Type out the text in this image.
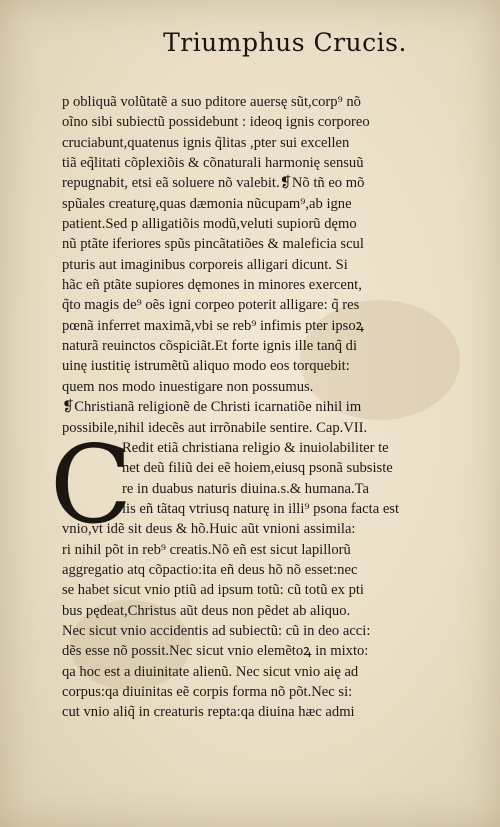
Triumphus Crucis.
p obliquã volũtatẽ a suo pditore auersę sũt,corp⁹ nõ
oĩno sibi subiectũ possidebunt : ideoq ignis corporeo
cruciabunt,quatenus ignis q̃litas ,pter sui excellen
tiã eq̃litati cõplexiõis & cõnaturali harmonię sensuũ
repugnabit, etsi eã soluere nõ valebit.❡Nõ tñ eo mõ
spũales creaturę,quas dæmonia nũcupam⁹,ab igne
patient.Sed p alligatiõis modũ,veluti supiorũ dęmo
nũ ptãte iferiores spũs pincãtatiões & maleficia scul
pturis aut imaginibus corporeis alligari dicunt. Si
hãc eñ ptãte supiores dęmones in minores exercent,
q̃to magis de⁹ oẽs igni corpeo poterit alligare: q̃ res
pœnã inferret maximã,vbi se reb⁹ infimis pter ipsoꝝ
naturã reuinctos cõspiciãt.Et forte ignis ille tanq̃ di
uinę iustitię istrumẽtũ aliquo modo eos torquebit:
quem nos modo inuestigare non possumus.
❡Christianã religionẽ de Christi icarnatiõe nihil im
possibile,nihil idecẽs aut irrõnabile sentire. Cap.VII.
C
Redit etiã christiana religio & inuiolabiliter te
net deũ filiũ dei eẽ hoiem,eiusq psonã subsiste
re in duabus naturis diuina.s.& humana.Ta
lis eñ tãtaq vtriusq naturę in illi⁹ psona facta est
vnio,vt idẽ sit deus & hõ.Huic aũt vnioni assimila:
ri nihil põt in reb⁹ creatis.Nõ eñ est sicut lapillorũ
aggregatio atq cõpactio:ita eñ deus hõ nõ esset:nec
se habet sicut vnio ptiũ ad ipsum totũ: cũ totũ ex pti
bus pędeat,Christus aũt deus non pẽdet ab aliquo.
Nec sicut vnio accidentis ad subiectũ: cũ in deo acci:
dẽs esse nõ possit.Nec sicut vnio elemẽtoꝝ in mixto:
qa hoc est a diuinitate alienũ. Nec sicut vnio aię ad
corpus:qa diuinitas eẽ corpis forma nõ põt.Nec si:
cut vnio aliq̃ in creaturis repta:qa diuina hæc admi
